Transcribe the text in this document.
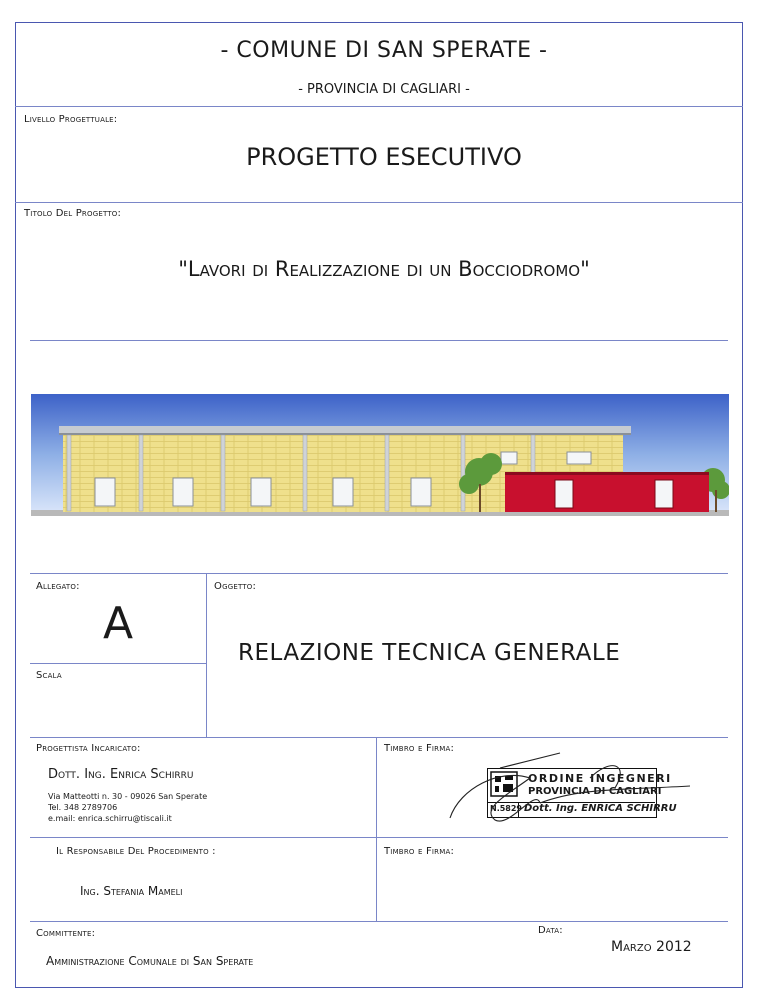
- COMUNE DI SAN SPERATE -
- PROVINCIA DI CAGLIARI -
Livello Progettuale:
PROGETTO ESECUTIVO
Titolo Del Progetto:
"Lavori di Realizzazione di un Bocciodromo"
Allegato:
A
Oggetto:
RELAZIONE TECNICA GENERALE
Scala
Progettista Incaricato:
Dott. Ing. Enrica Schirru
Via Matteotti n. 30 - 09026 San Sperate
Tel. 348 2789706
e.mail: enrica.schirru@tiscali.it
Timbro e Firma:
ORDINE INGEGNERI
PROVINCIA DI CAGLIARI
N.5829 Dott. Ing. ENRICA SCHIRRU
Il Responsabile Del Procedimento :	Timbro e Firma:
Ing. Stefania Mameli
Committente:
Amministrazione Comunale di San Sperate
Data:
Marzo 2012
